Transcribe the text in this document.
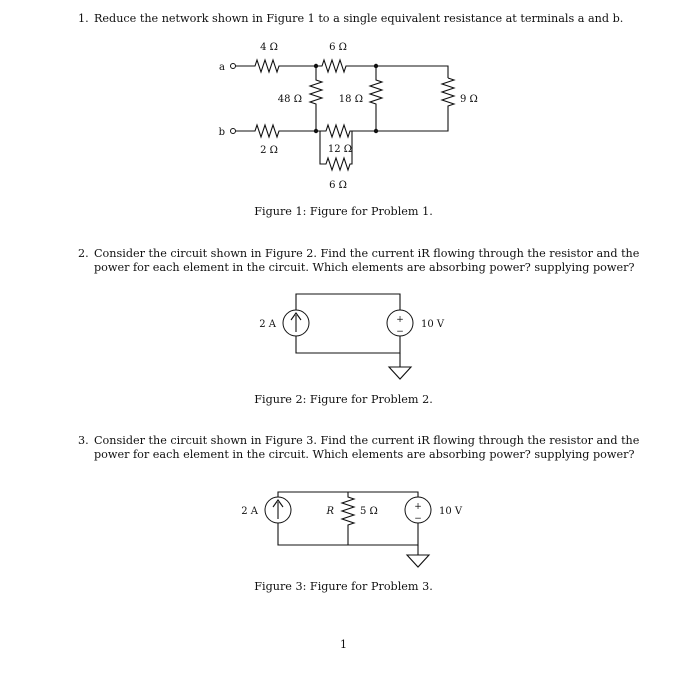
1. Reduce the network shown in Figure 1 to a single equivalent resistance at terminals a and b.
a
b
4 Ω	6 Ω
48 Ω	18 Ω	9 Ω
2 Ω	12 Ω
6 Ω
Figure 1: Figure for Problem 1.
2. Consider the circuit shown in Figure 2. Find the current iR flowing through the resistor and the power for each element in the circuit. Which elements are absorbing power? supplying power?
+
−
2 A	10 V
Figure 2: Figure for Problem 2.
3. Consider the circuit shown in Figure 3. Find the current iR flowing through the resistor and the power for each element in the circuit. Which elements are absorbing power? supplying power?
+
−
2 A	R	5 Ω	10 V
Figure 3: Figure for Problem 3.
1
